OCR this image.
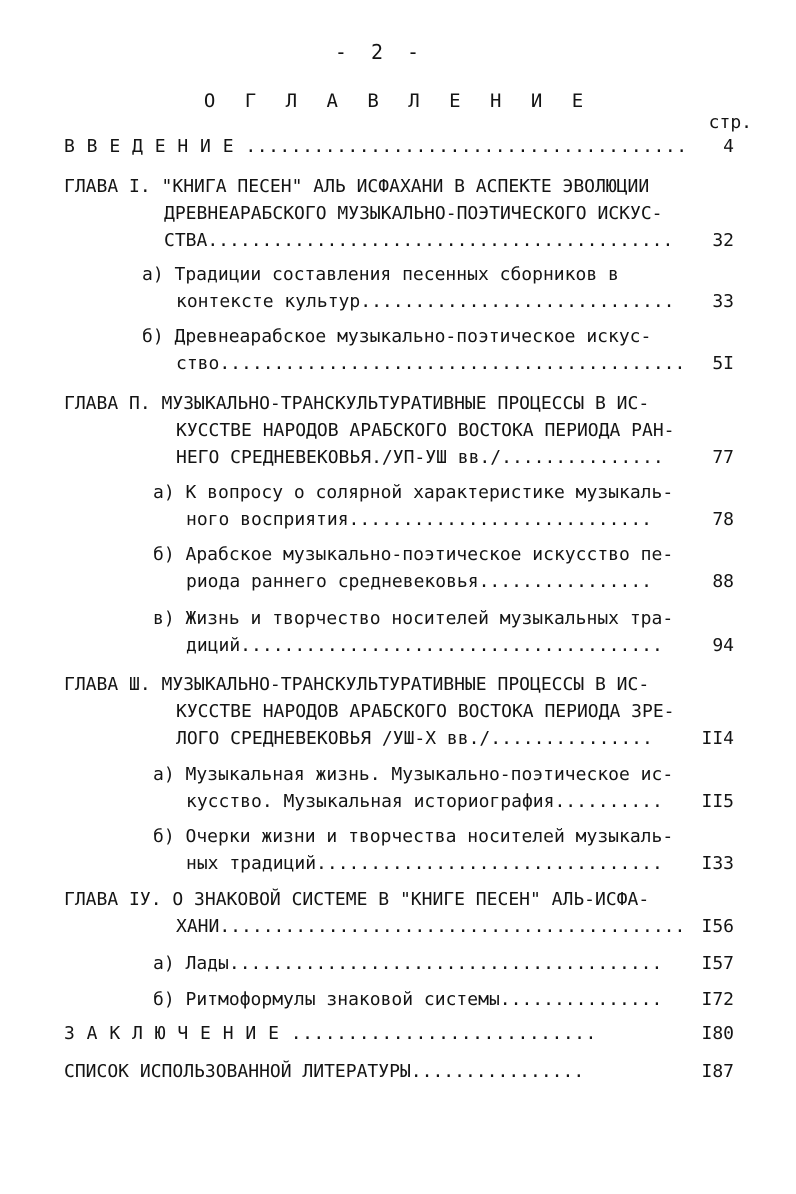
- 2 -
О Г Л А В Л Е Н И Е
стр.
В В Е Д Е Н И Е .......................................	4
ГЛАВА I. "КНИГА ПЕСЕН" АЛЬ ИСФАХАНИ В АСПЕКТЕ ЭВОЛЮЦИИ
ДРЕВНЕАРАБСКОГО МУЗЫКАЛЬНО-ПОЭТИЧЕСКОГО ИСКУС-
СТВА...........................................	32
а) Традиции составления песенных сборников в
контексте культур.............................	33
б) Древнеарабское музыкально-поэтическое искус-
ство...........................................	5I
ГЛАВА П. МУЗЫКАЛЬНО-ТРАНСКУЛЬТУРАТИВНЫЕ ПРОЦЕССЫ В ИС-
КУССТВЕ НАРОДОВ АРАБСКОГО ВОСТОКА ПЕРИОДА РАН-
НЕГО СРЕДНЕВЕКОВЬЯ./УП-УШ вв./...............	77
а) К вопросу о солярной характеристике музыкаль-
ного восприятия............................	78
б) Арабское музыкально-поэтическое искусство пе-
риода раннего средневековья................	88
в) Жизнь и творчество носителей музыкальных тра-
диций.......................................	94
ГЛАВА Ш. МУЗЫКАЛЬНО-ТРАНСКУЛЬТУРАТИВНЫЕ ПРОЦЕССЫ В ИС-
КУССТВЕ НАРОДОВ АРАБСКОГО ВОСТОКА ПЕРИОДА ЗРЕ-
ЛОГО СРЕДНЕВЕКОВЬЯ /УШ-Х вв./...............	II4
а) Музыкальная жизнь. Музыкально-поэтическое ис-
кусство. Музыкальная историография..........	II5
б) Очерки жизни и творчества носителей музыкаль-
ных традиций................................	I33
ГЛАВА IУ. О ЗНАКОВОЙ СИСТЕМЕ В "КНИГЕ ПЕСЕН" АЛЬ-ИСФА-
ХАНИ........................................... I56
а) Лады........................................	I57
б) Ритмоформулы знаковой системы...............	I72
З А К Л Ю Ч Е Н И Е ...........................	I80
СПИСОК ИСПОЛЬЗОВАННОЙ ЛИТЕРАТУРЫ................	I87
